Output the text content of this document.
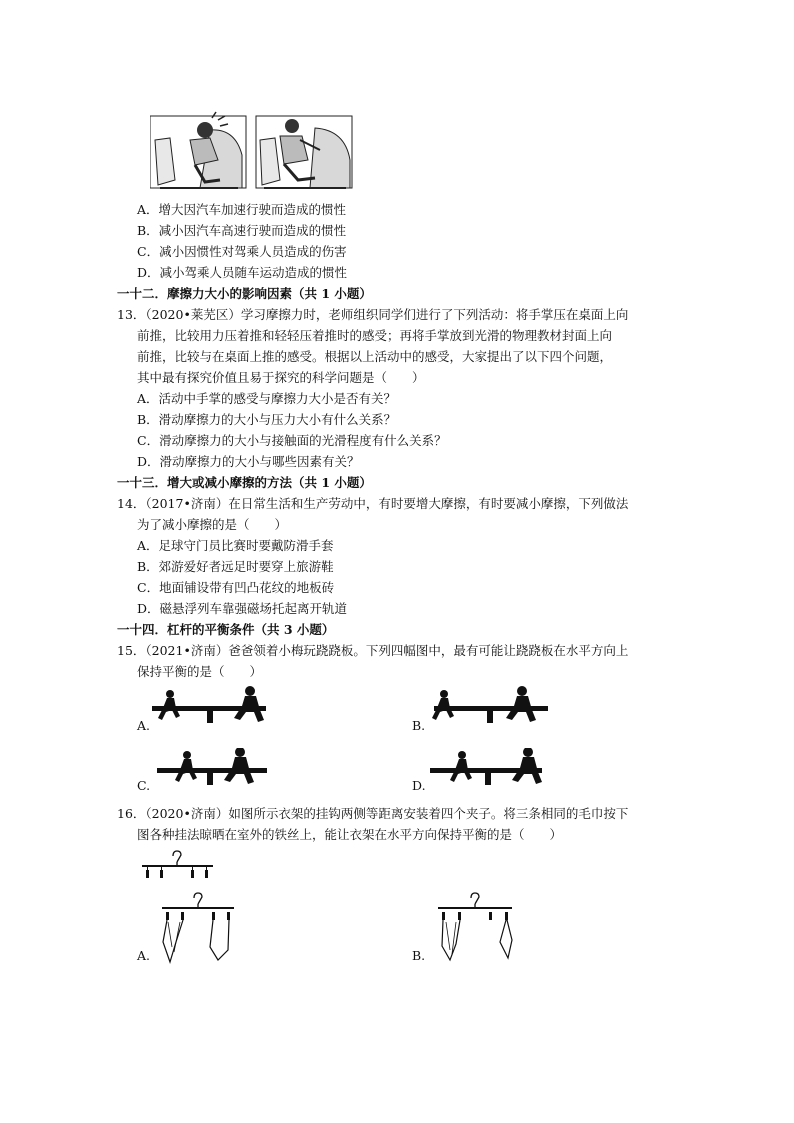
A．增大因汽车加速行驶而造成的惯性
B．减小因汽车高速行驶而造成的惯性
C．减小因惯性对驾乘人员造成的伤害
D．减小驾乘人员随车运动造成的惯性
一十二．摩擦力大小的影响因素（共 1 小题）
13．（2020•莱芜区）学习摩擦力时，老师组织同学们进行了下列活动：将手掌压在桌面上向
前推，比较用力压着推和轻轻压着推时的感受；再将手掌放到光滑的物理教材封面上向
前推，比较与在桌面上推的感受。根据以上活动中的感受，大家提出了以下四个问题，
其中最有探究价值且易于探究的科学问题是（　　）
A．活动中手掌的感受与摩擦力大小是否有关？
B．滑动摩擦力的大小与压力大小有什么关系？
C．滑动摩擦力的大小与接触面的光滑程度有什么关系？
D．滑动摩擦力的大小与哪些因素有关？
一十三．增大或减小摩擦的方法（共 1 小题）
14．（2017•济南）在日常生活和生产劳动中，有时要增大摩擦，有时要减小摩擦，下列做法
为了减小摩擦的是（　　）
A．足球守门员比赛时要戴防滑手套
B．郊游爱好者远足时要穿上旅游鞋
C．地面铺设带有凹凸花纹的地板砖
D．磁悬浮列车靠强磁场托起离开轨道
一十四．杠杆的平衡条件（共 3 小题）
15．（2021•济南）爸爸领着小梅玩跷跷板。下列四幅图中，最有可能让跷跷板在水平方向上
保持平衡的是（　　）
A.	B.
C.	D.
16．（2020•济南）如图所示衣架的挂钩两侧等距离安装着四个夹子。将三条相同的毛巾按下
图各种挂法晾晒在室外的铁丝上，能让衣架在水平方向保持平衡的是（　　）
A.	B.
